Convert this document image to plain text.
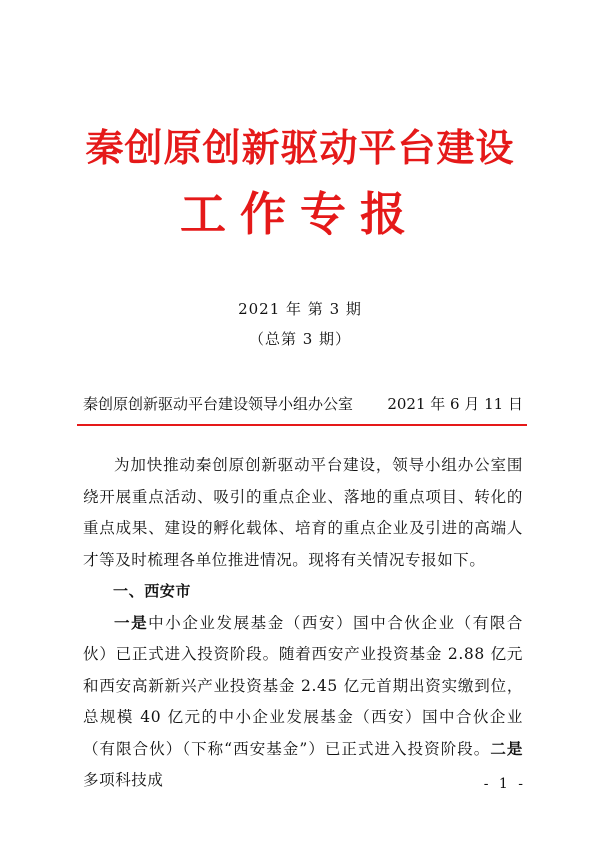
秦创原创新驱动平台建设
工作专报
2021 年 第 3 期
（总第 3 期）
秦创原创新驱动平台建设领导小组办公室 2021 年 6 月 11 日

为加快推动秦创原创新驱动平台建设，领导小组办公室围绕开展重点活动、吸引的重点企业、落地的重点项目、转化的重点成果、建设的孵化载体、培育的重点企业及引进的高端人才等及时梳理各单位推进情况。现将有关情况专报如下。

一、西安市

一是中小企业发展基金（西安）国中合伙企业（有限合伙）已正式进入投资阶段。随着西安产业投资基金 2.88 亿元和西安高新新兴产业投资基金 2.45 亿元首期出资实缴到位，总规模 40 亿元的中小企业发展基金（西安）国中合伙企业（有限合伙）（下称“西安基金”）已正式进入投资阶段。二是多项科技成	- 1 -
